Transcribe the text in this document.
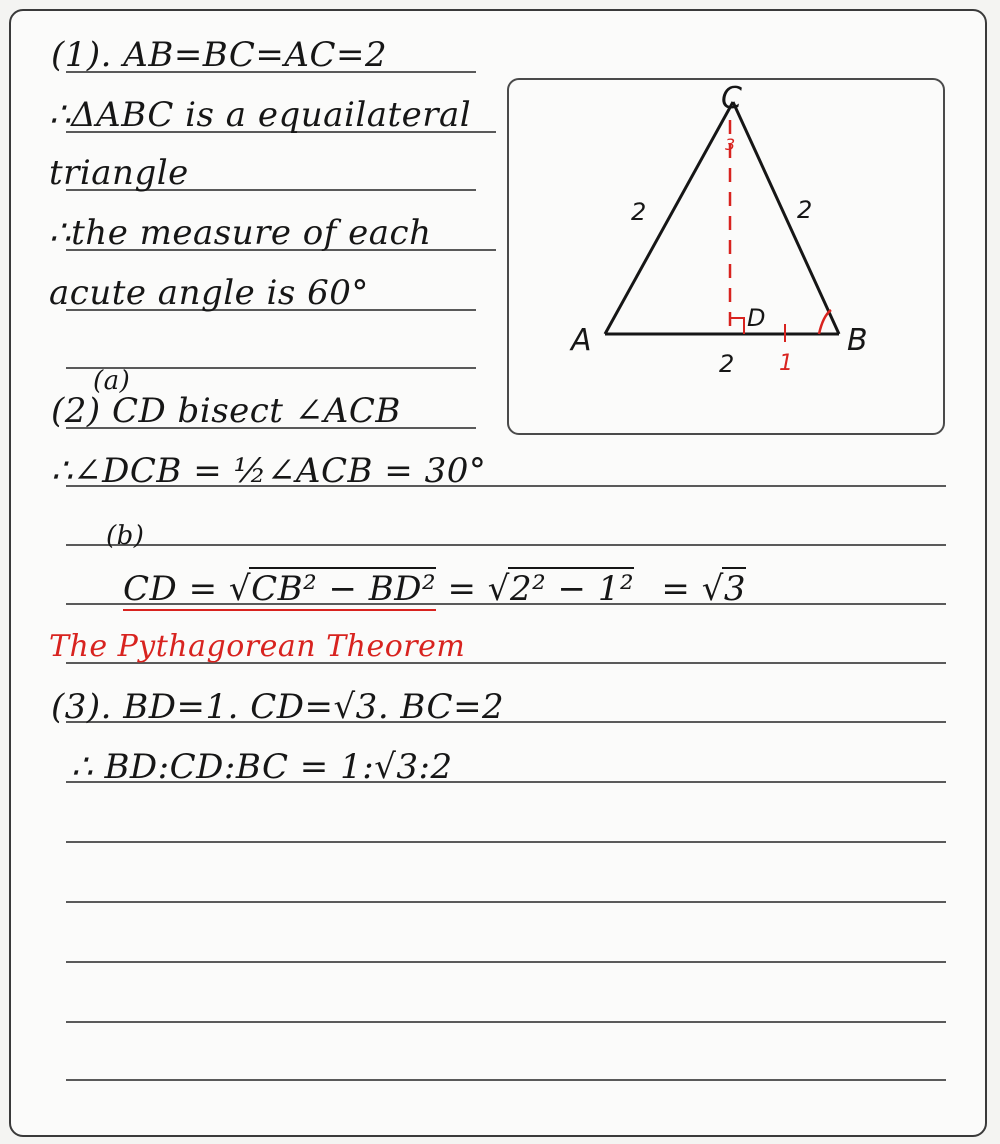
(1). AB=BC=AC=2
∴ΔABC is a equailateral
triangle
∴the measure of each
acute angle is 60°
(a)
(2) CD bisect ∠ACB
∴∠DCB = ½∠ACB = 30°
(b)
CD = √CB² − BD² = √2² − 1² = √3
The Pythagorean Theorem
(3). BD=1. CD=√3. BC=2
∴ BD:CD:BC = 1:√3:2
C
A	B
D
2	2
2 1
3
